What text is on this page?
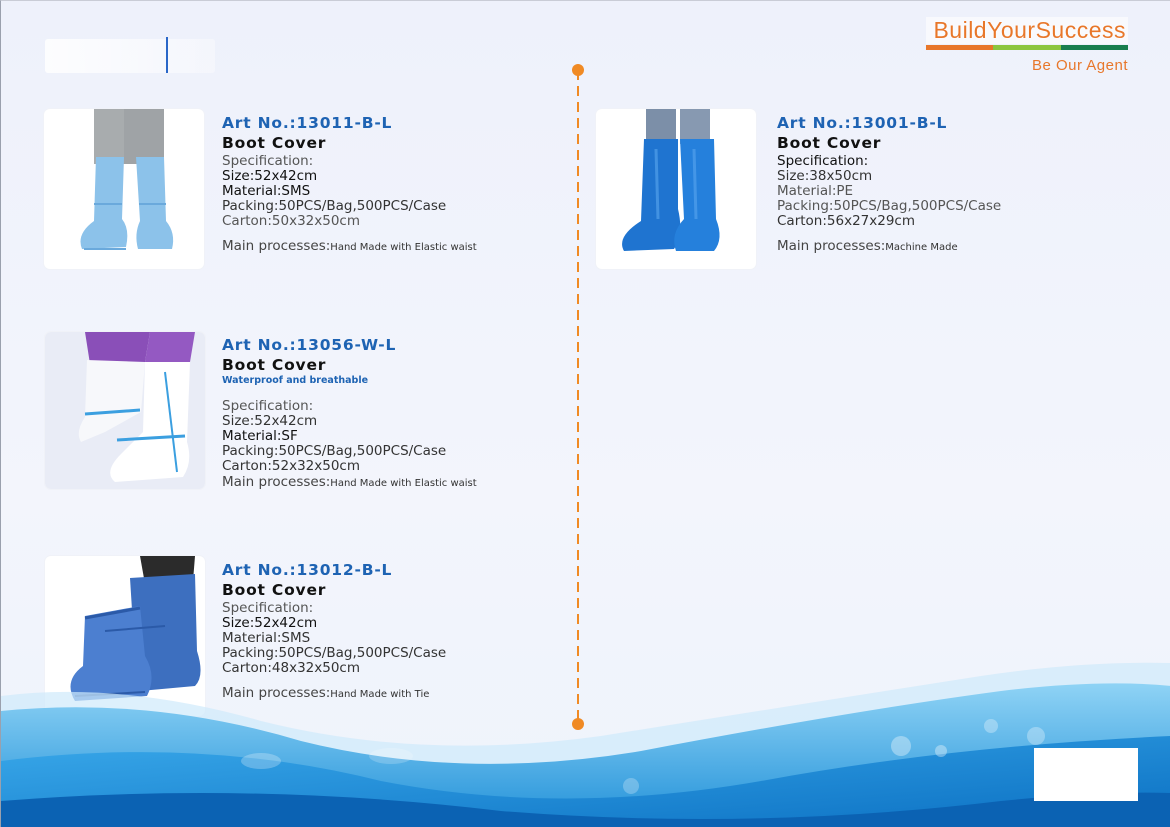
BuildYourSuccess
Be Our Agent
Art No.:13011-B-L
Boot Cover
Specification:
Size:52x42cm
Material:SMS
Packing:50PCS/Bag,500PCS/Case
Carton:50x32x50cm
Main processes:Hand Made with Elastic waist
Art No.:13056-W-L
Boot Cover
Waterproof and breathable
Specification:
Size:52x42cm
Material:SF
Packing:50PCS/Bag,500PCS/Case
Carton:52x32x50cm
Main processes:Hand Made with Elastic waist
Art No.:13012-B-L
Boot Cover
Specification:
Size:52x42cm
Material:SMS
Packing:50PCS/Bag,500PCS/Case
Carton:48x32x50cm
Main processes:Hand Made with Tie
Art No.:13001-B-L
Boot Cover
Specification:
Size:38x50cm
Material:PE
Packing:50PCS/Bag,500PCS/Case
Carton:56x27x29cm
Main processes:Machine Made
